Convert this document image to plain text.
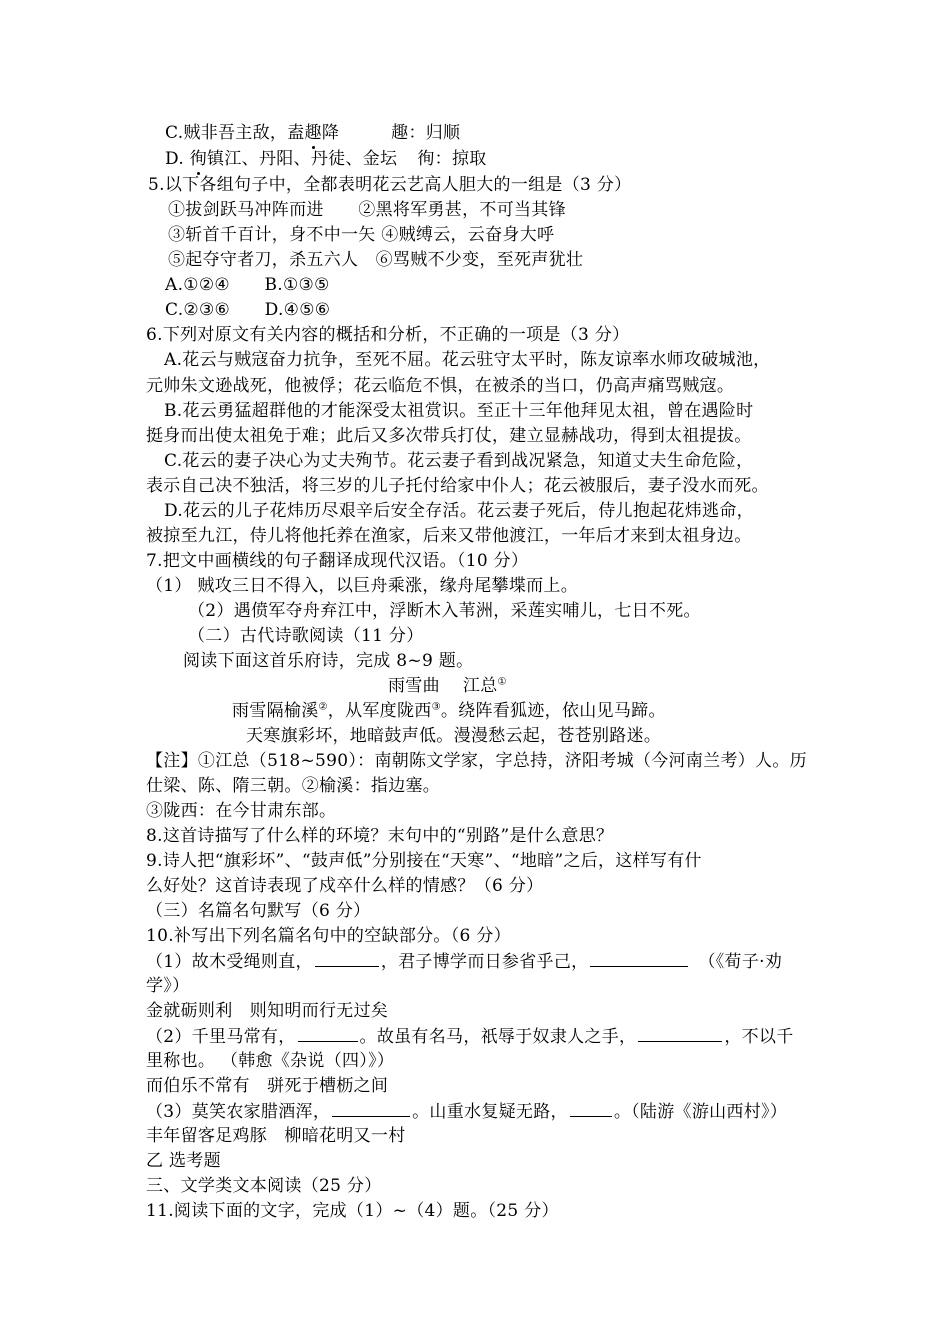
C.贼非吾主敌，盍趣降	趣：归顺
D. 徇镇江、丹阳、丹徒、金坛 徇：掠取
5.以下各组句子中，全都表明花云艺高人胆大的一组是（3 分）
①拔剑跃马冲阵而进　　②黑将军勇甚，不可当其锋
③斩首千百计，身不中一矢 ④贼缚云，云奋身大呼
⑤起夺守者刀，杀五六人　⑥骂贼不少变，至死声犹壮
A.①②④　　B.①③⑤
C.②③⑥　　D.④⑤⑥
6.下列对原文有关内容的概括和分析，不正确的一项是（3 分）
A.花云与贼寇奋力抗争，至死不屈。花云驻守太平时，陈友谅率水师攻破城池，
元帅朱文逊战死，他被俘；花云临危不惧，在被杀的当口，仍高声痛骂贼寇。
B.花云勇猛超群他的才能深受太祖赏识。至正十三年他拜见太祖，曾在遇险时
挺身而出使太祖免于难；此后又多次带兵打仗，建立显赫战功，得到太祖提拔。
C.花云的妻子决心为丈夫殉节。花云妻子看到战况紧急，知道丈夫生命危险，
表示自己决不独活，将三岁的儿子托付给家中仆人；花云被服后，妻子没水而死。
D.花云的儿子花炜历尽艰辛后安全存活。花云妻子死后，侍儿抱起花炜逃命，
被掠至九江，侍儿将他托养在渔家，后来又带他渡江，一年后才来到太祖身边。
7.把文中画横线的句子翻译成现代汉语。（10 分）
（1） 贼攻三日不得入，以巨舟乘涨，缘舟尾攀堞而上。
（2）遇偾军夺舟弃江中，浮断木入苇洲，采莲实哺儿，七日不死。
（二）古代诗歌阅读（11 分）
阅读下面这首乐府诗，完成 8~9 题。
雨雪曲　 江总①
雨雪隔榆溪②，从军度陇西③。绕阵看狐迹，依山见马蹄。
天寒旗彩坏，地暗鼓声低。漫漫愁云起，苍苍别路迷。
【注】①江总（518~590）：南朝陈文学家，字总持，济阳考城（今河南兰考）人。历
仕梁、陈、隋三朝。②榆溪：指边塞。
③陇西：在今甘肃东部。
8.这首诗描写了什么样的环境？末句中的“别路”是什么意思？
9.诗人把“旗彩坏”、“鼓声低”分别接在“天寒”、“地暗”之后，这样写有什
么好处？这首诗表现了戍卒什么样的情感？（6 分）
（三）名篇名句默写（6 分）
10.补写出下列名篇名句中的空缺部分。（6 分）
（1）故木受绳则直，	，君子博学而日参省乎己，	（《荀子·劝
学》）
金就砺则利　则知明而行无过矣
（2）千里马常有，	。故虽有名马，祇辱于奴隶人之手，	，不以千
里称也。 （韩愈《杂说（四）》）
而伯乐不常有　骈死于槽枥之间
（3）莫笑农家腊酒浑，	。山重水复疑无路，	。（陆游《游山西村》）
丰年留客足鸡豚　柳暗花明又一村
乙 选考题
三、文学类文本阅读（25 分）
11.阅读下面的文字，完成（1）~（4）题。（25 分）
